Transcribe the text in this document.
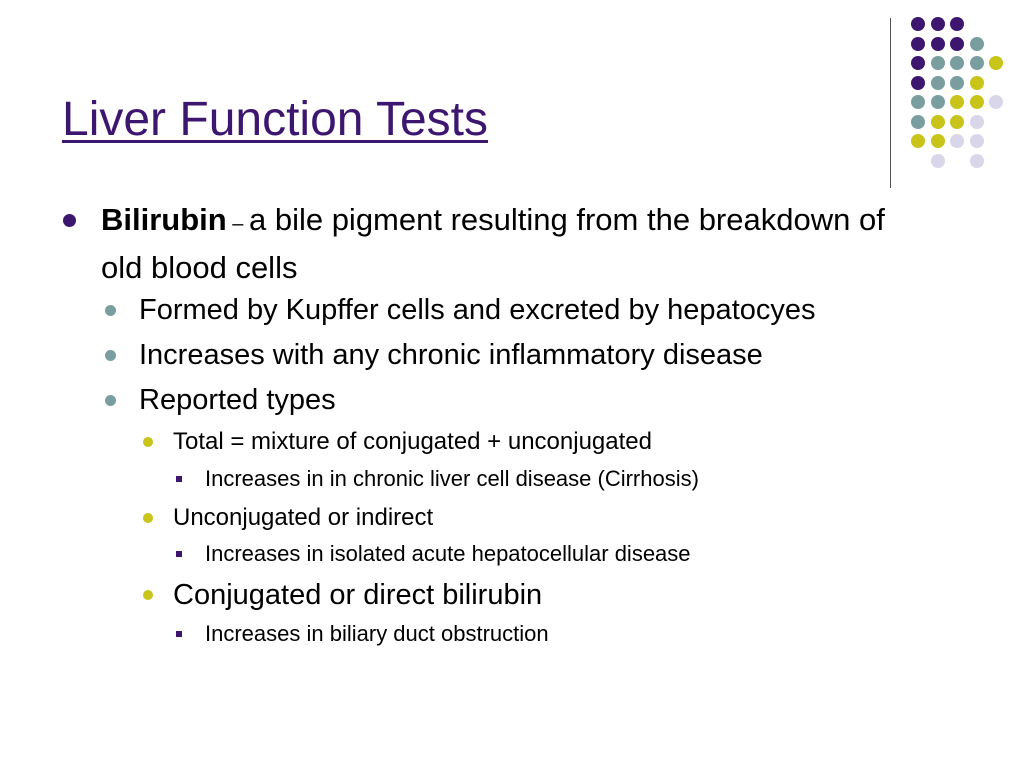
Liver Function Tests
Bilirubin – a bile pigment resulting from the breakdown of old blood cells
Formed by Kupffer cells and excreted by hepatocyes
Increases with any chronic inflammatory disease
Reported types
Total = mixture of conjugated + unconjugated
Increases in in chronic liver cell disease (Cirrhosis)
Unconjugated or indirect
Increases in isolated acute hepatocellular disease
Conjugated or direct bilirubin
Increases in biliary duct obstruction
